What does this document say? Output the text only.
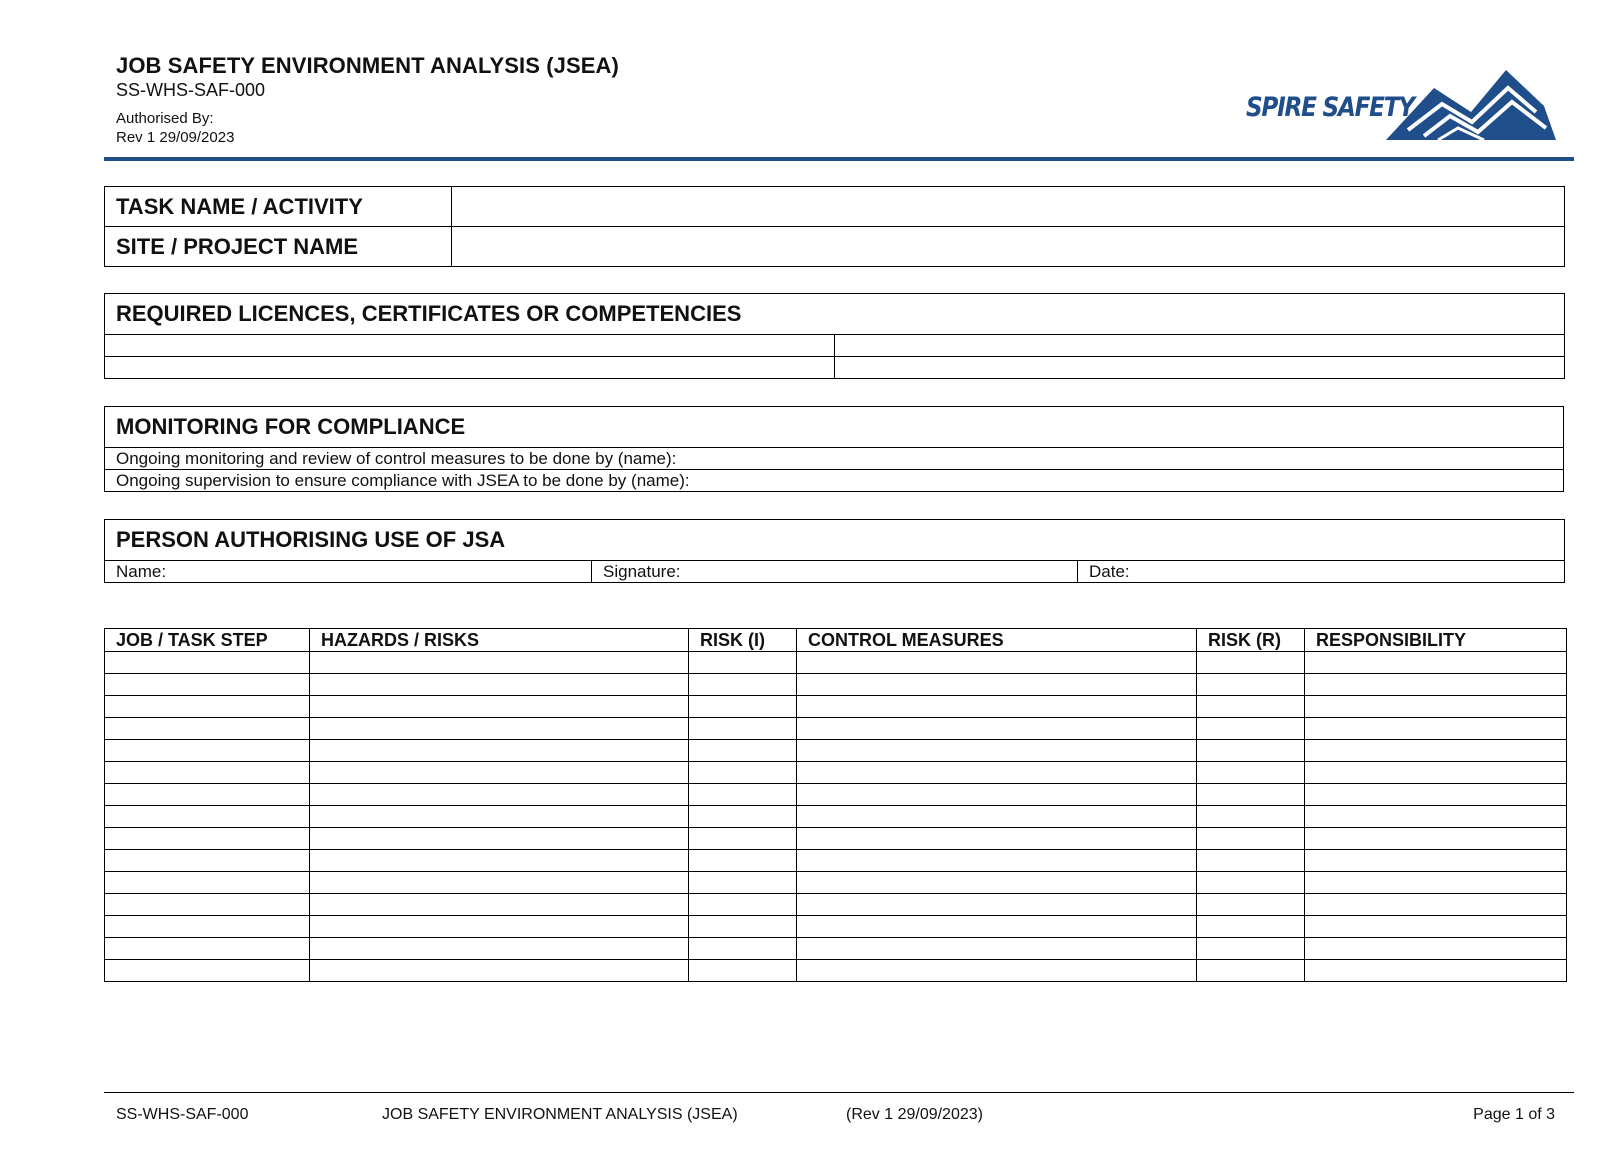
JOB SAFETY ENVIRONMENT ANALYSIS (JSEA)
SS-WHS-SAF-000
Authorised By:
Rev 1 29/09/2023
SPIRE SAFETY
TASK NAME / ACTIVITY	
SITE / PROJECT NAME	
REQUIRED LICENCES, CERTIFICATES OR COMPETENCIES	

MONITORING FOR COMPLIANCE
Ongoing monitoring and review of control measures to be done by (name):
Ongoing supervision to ensure compliance with JSEA to be done by (name):
PERSON AUTHORISING USE OF JSA
Name:	Signature:	Date:
JOB / TASK STEP	HAZARDS / RISKS	RISK (I)	CONTROL MEASURES	RISK (R)	RESPONSIBILITY

SS-WHS-SAF-000	JOB SAFETY ENVIRONMENT ANALYSIS (JSEA)	(Rev 1 29/09/2023)	Page 1 of 3
